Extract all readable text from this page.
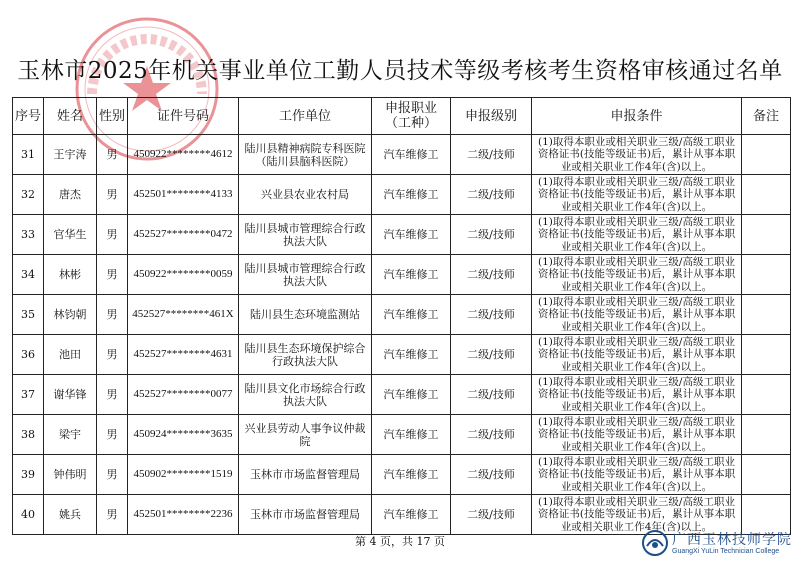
玉林市2025年机关事业单位工勤人员技术等级考核考生资格审核通过名单
序号	姓名	性别	证件号码	工作单位	申报职业（工种）	申报级别	申报条件	备注
31	王宇涛	男	450922********4612	陆川县精神病院专科医院（陆川县脑科医院）	汽车维修工	二级/技师	(1)取得本职业或相关职业三级/高级工职业资格证书(技能等级证书)后，累计从事本职业或相关职业工作4年(含)以上。	
32	唐杰	男	452501********4133	兴业县农业农村局	汽车维修工	二级/技师	(1)取得本职业或相关职业三级/高级工职业资格证书(技能等级证书)后，累计从事本职业或相关职业工作4年(含)以上。	
33	官华生	男	452527********0472	陆川县城市管理综合行政执法大队	汽车维修工	二级/技师	(1)取得本职业或相关职业三级/高级工职业资格证书(技能等级证书)后，累计从事本职业或相关职业工作4年(含)以上。	
34	林彬	男	450922********0059	陆川县城市管理综合行政执法大队	汽车维修工	二级/技师	(1)取得本职业或相关职业三级/高级工职业资格证书(技能等级证书)后，累计从事本职业或相关职业工作4年(含)以上。	
35	林钧朝	男	452527********461X	陆川县生态环境监测站	汽车维修工	二级/技师	(1)取得本职业或相关职业三级/高级工职业资格证书(技能等级证书)后，累计从事本职业或相关职业工作4年(含)以上。	
36	池田	男	452527********4631	陆川县生态环境保护综合行政执法大队	汽车维修工	二级/技师	(1)取得本职业或相关职业三级/高级工职业资格证书(技能等级证书)后，累计从事本职业或相关职业工作4年(含)以上。	
37	谢华锋	男	452527********0077	陆川县文化市场综合行政执法大队	汽车维修工	二级/技师	(1)取得本职业或相关职业三级/高级工职业资格证书(技能等级证书)后，累计从事本职业或相关职业工作4年(含)以上。	
38	梁宇	男	450924********3635	兴业县劳动人事争议仲裁院	汽车维修工	二级/技师	(1)取得本职业或相关职业三级/高级工职业资格证书(技能等级证书)后，累计从事本职业或相关职业工作4年(含)以上。	
39	钟伟明	男	450902********1519	玉林市市场监督管理局	汽车维修工	二级/技师	(1)取得本职业或相关职业三级/高级工职业资格证书(技能等级证书)后，累计从事本职业或相关职业工作4年(含)以上。	
40	姚兵	男	452501********2236	玉林市市场监督管理局	汽车维修工	二级/技师	(1)取得本职业或相关职业三级/高级工职业资格证书(技能等级证书)后，累计从事本职业或相关职业工作4年(含)以上。	
第 4 页，共 17 页	广西玉林技师学院
GuangXi YuLin Technician College
